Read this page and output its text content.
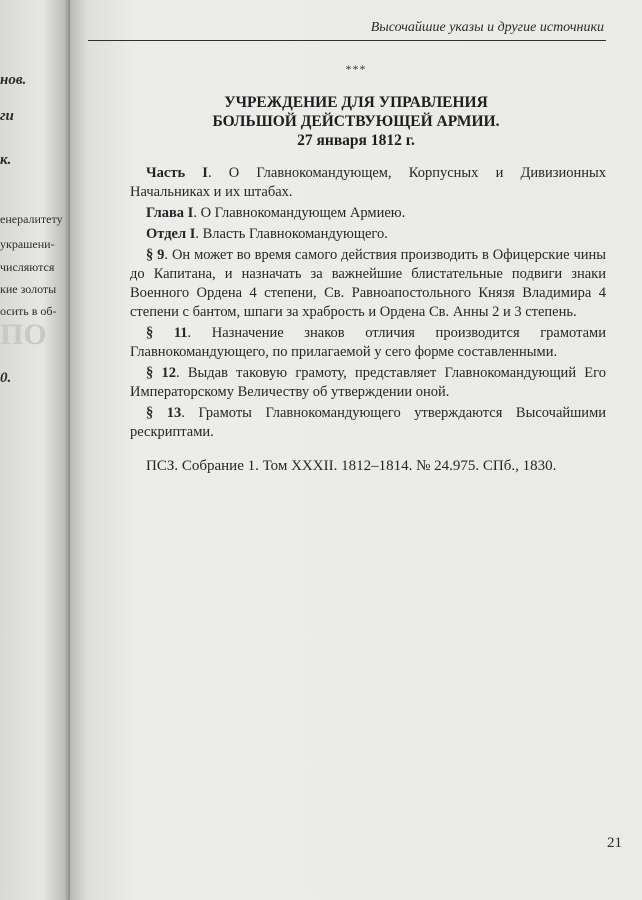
нов.
ги
к.
енералитету
украшени-
числяются
кие золоты
осить в об-
ПО
0.
Высочайшие указы и другие источники
***
УЧРЕЖДЕНИЕ ДЛЯ УПРАВЛЕНИЯ
БОЛЬШОЙ ДЕЙСТВУЮЩЕЙ АРМИИ.
27 января 1812 г.

Часть I. О Главнокомандующем, Корпусных и Дивизионных Начальниках и их штабах.

Глава I. О Главнокомандующем Армиею.

Отдел I. Власть Главнокомандующего.

§ 9. Он может во время самого действия производить в Офицерские чины до Капитана, и назначать за важнейшие блистательные подвиги знаки Военного Ордена 4 степени, Св. Равноапостольного Князя Владимира 4 степени с бантом, шпаги за храбрость и Ордена Св. Анны 2 и 3 степень.

§ 11. Назначение знаков отличия производится грамотами Главнокомандующего, по прилагаемой у сего форме составленными.

§ 12. Выдав таковую грамоту, представляет Главнокомандующий Его Императорскому Величеству об утверждении оной.

§ 13. Грамоты Главнокомандующего утверждаются Высочайшими рескриптами.

ПСЗ. Собрание 1. Том XXXII. 1812–1814. № 24.975. СПб., 1830.
21
